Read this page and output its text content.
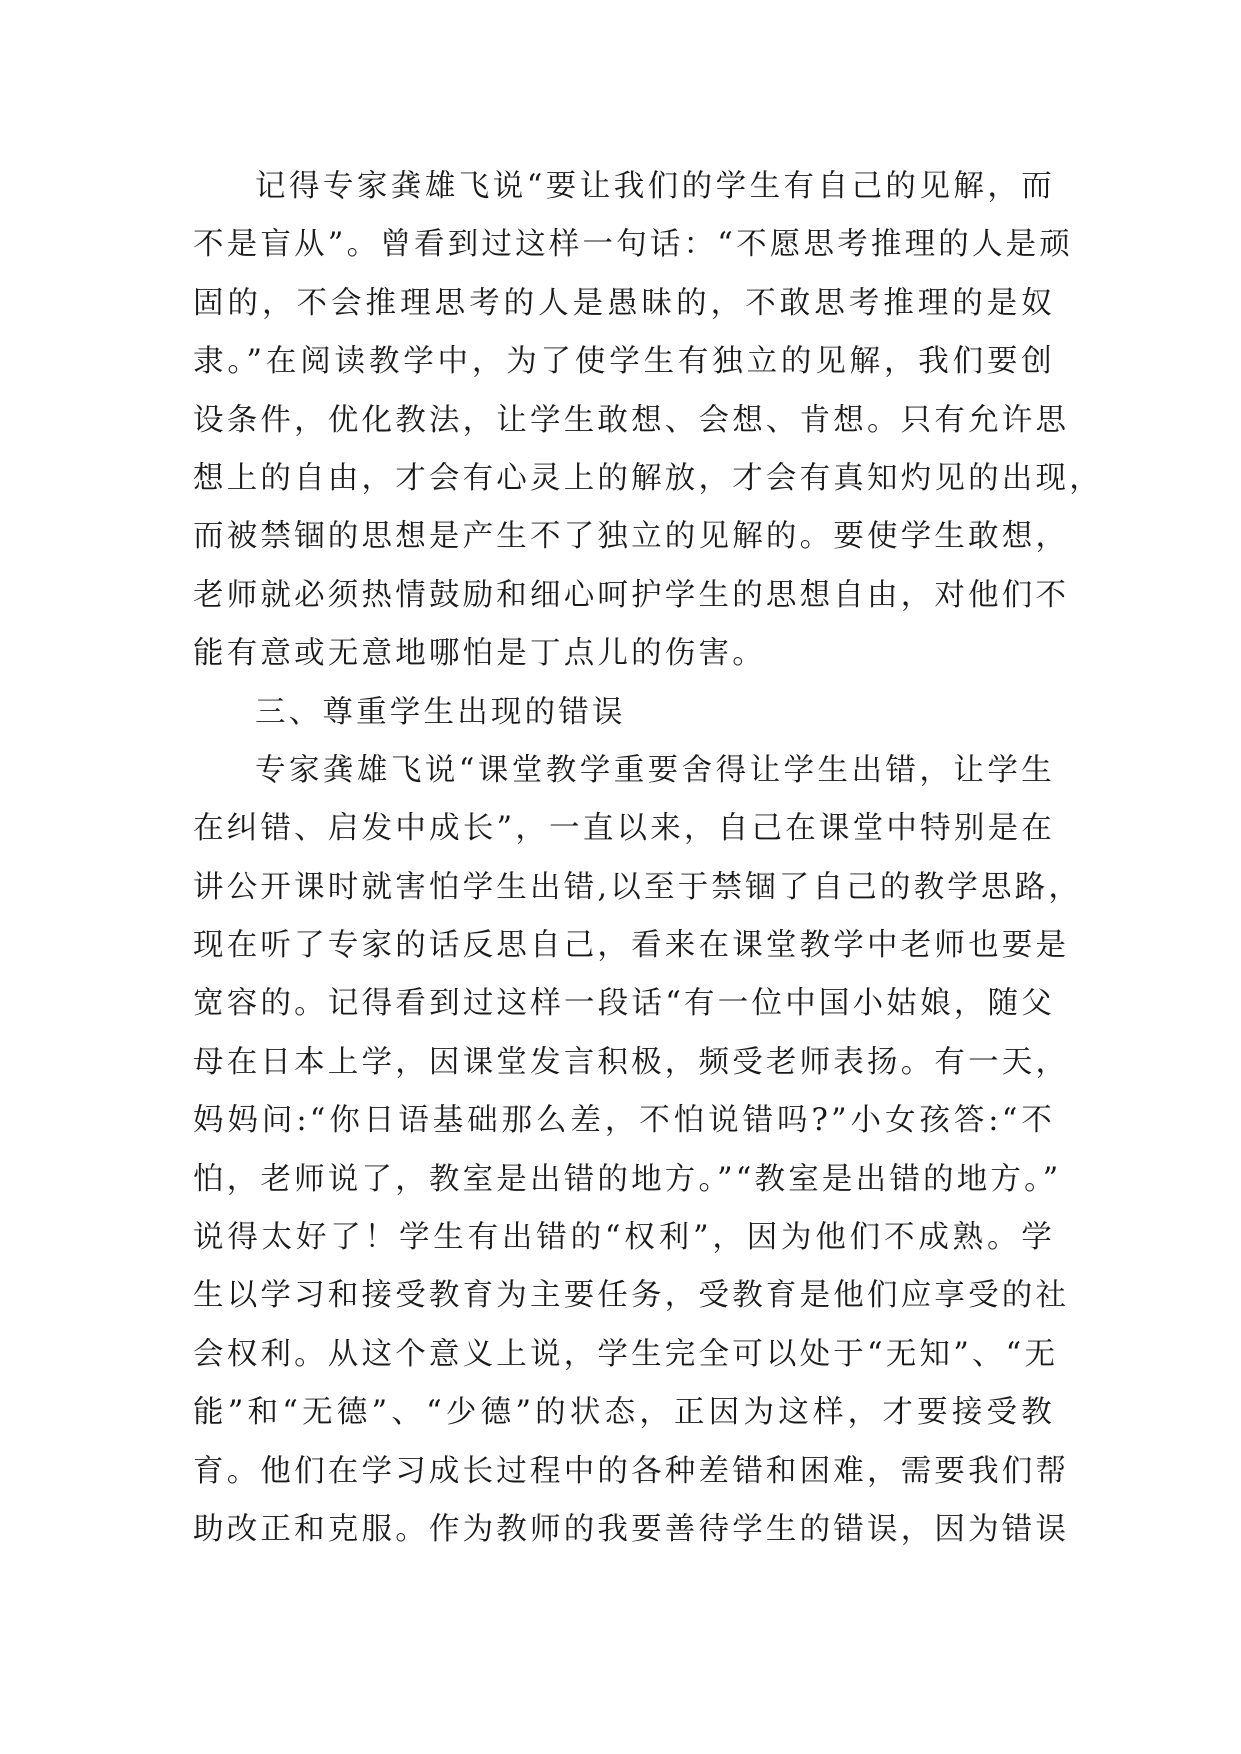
记得专家龚雄飞说“要让我们的学生有自己的见解，而
不是盲从”。曾看到过这样一句话：“不愿思考推理的人是顽
固的，不会推理思考的人是愚昧的，不敢思考推理的是奴
隶。”在阅读教学中，为了使学生有独立的见解，我们要创
设条件，优化教法，让学生敢想、会想、肯想。只有允许思
想上的自由，才会有心灵上的解放，才会有真知灼见的出现，
而被禁锢的思想是产生不了独立的见解的。要使学生敢想，
老师就必须热情鼓励和细心呵护学生的思想自由，对他们不
能有意或无意地哪怕是丁点儿的伤害。
三、尊重学生出现的错误
专家龚雄飞说“课堂教学重要舍得让学生出错，让学生
在纠错、启发中成长”，一直以来，自己在课堂中特别是在
讲公开课时就害怕学生出错,以至于禁锢了自己的教学思路，
现在听了专家的话反思自己，看来在课堂教学中老师也要是
宽容的。记得看到过这样一段话“有一位中国小姑娘，随父
母在日本上学，因课堂发言积极，频受老师表扬。有一天，
妈妈问:“你日语基础那么差，不怕说错吗?”小女孩答:“不
怕，老师说了，教室是出错的地方。”“教室是出错的地方。”
说得太好了！学生有出错的“权利”，因为他们不成熟。学
生以学习和接受教育为主要任务，受教育是他们应享受的社
会权利。从这个意义上说，学生完全可以处于“无知”、“无
能”和“无德”、“少德”的状态，正因为这样，才要接受教
育。他们在学习成长过程中的各种差错和困难，需要我们帮
助改正和克服。作为教师的我要善待学生的错误，因为错误
